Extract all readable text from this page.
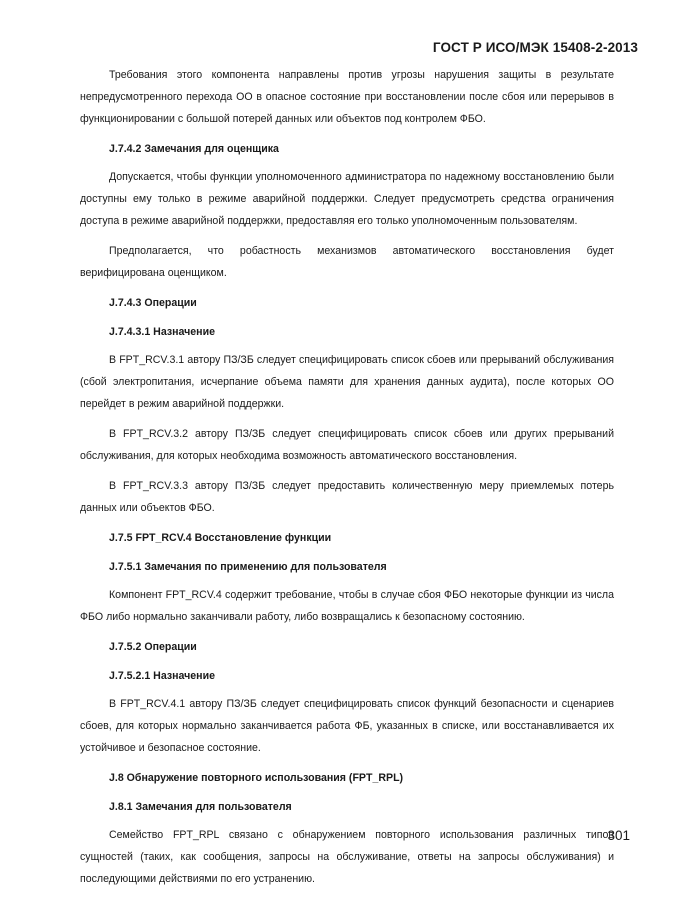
ГОСТ Р ИСО/МЭК 15408-2-2013

Требования этого компонента направлены против угрозы нарушения защиты в результате непредусмотренного перехода ОО в опасное состояние при восстановлении после сбоя или перерывов в функционировании с большой потерей данных или объектов под контролем ФБО.

J.7.4.2 Замечания для оценщика

Допускается, чтобы функции уполномоченного администратора по надежному восстановлению были доступны ему только в режиме аварийной поддержки. Следует предусмотреть средства ограничения доступа в режиме аварийной поддержки, предоставляя его только уполномоченным пользователям.

Предполагается, что робастность механизмов автоматического восстановления будет верифицирована оценщиком.

J.7.4.3 Операции
J.7.4.3.1 Назначение

В FPT_RCV.3.1 автору ПЗ/ЗБ следует специфицировать список сбоев или прерываний обслуживания (сбой электропитания, исчерпание объема памяти для хранения данных аудита), после которых ОО перейдет в режим аварийной поддержки.

В FPT_RCV.3.2 автору ПЗ/ЗБ следует специфицировать список сбоев или других прерываний обслуживания, для которых необходима возможность автоматического восстановления.

В FPT_RCV.3.3 автору ПЗ/ЗБ следует предоставить количественную меру приемлемых потерь данных или объектов ФБО.

J.7.5 FPT_RCV.4 Восстановление функции
J.7.5.1 Замечания по применению для пользователя

Компонент FPT_RCV.4 содержит требование, чтобы в случае сбоя ФБО некоторые функции из числа ФБО либо нормально заканчивали работу, либо возвращались к безопасному состоянию.

J.7.5.2 Операции
J.7.5.2.1 Назначение

В FPT_RCV.4.1 автору ПЗ/ЗБ следует специфицировать список функций безопасности и сценариев сбоев, для которых нормально заканчивается работа ФБ, указанных в списке, или восстанавливается их устойчивое и безопасное состояние.

J.8 Обнаружение повторного использования (FPT_RPL)
J.8.1 Замечания для пользователя

Семейство FPT_RPL связано с обнаружением повторного использования различных типов сущностей (таких, как сообщения, запросы на обслуживание, ответы на запросы обслуживания) и последующими действиями по его устранению.

301
